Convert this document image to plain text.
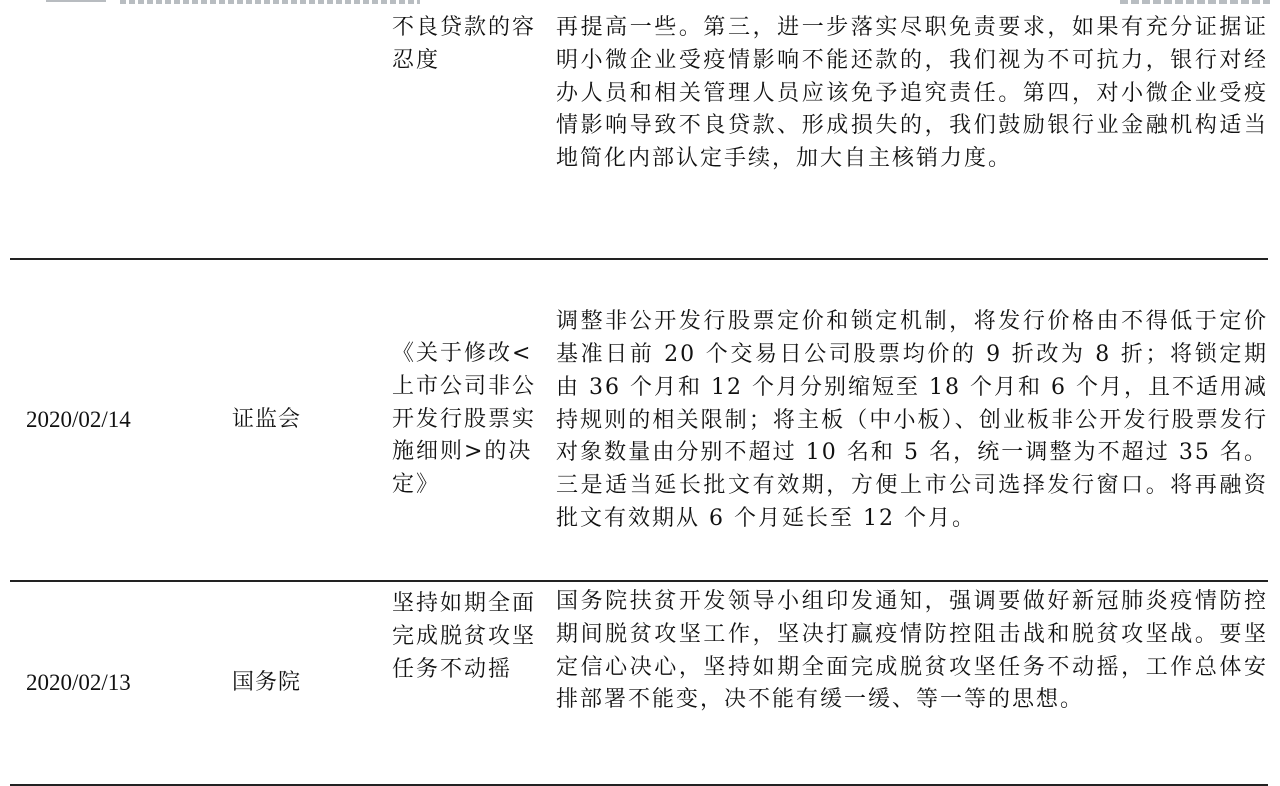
		不良贷款的容忍度	再提高一些。第三，进一步落实尽职免责要求，如果有充分证据证明小微企业受疫情影响不能还款的，我们视为不可抗力，银行对经办人员和相关管理人员应该免予追究责任。第四，对小微企业受疫情影响导致不良贷款、形成损失的，我们鼓励银行业金融机构适当地简化内部认定手续，加大自主核销力度。
2020/02/14	证监会	《关于修改<上市公司非公开发行股票实施细则>的决定》	调整非公开发行股票定价和锁定机制，将发行价格由不得低于定价基准日前 20 个交易日公司股票均价的 9 折改为 8 折；将锁定期由 36 个月和 12 个月分别缩短至 18 个月和 6 个月，且不适用减持规则的相关限制；将主板（中小板）、创业板非公开发行股票发行对象数量由分别不超过 10 名和 5 名，统一调整为不超过 35 名。三是适当延长批文有效期，方便上市公司选择发行窗口。将再融资批文有效期从 6 个月延长至 12 个月。
2020/02/13	国务院	坚持如期全面完成脱贫攻坚任务不动摇	国务院扶贫开发领导小组印发通知，强调要做好新冠肺炎疫情防控期间脱贫攻坚工作，坚决打赢疫情防控阻击战和脱贫攻坚战。要坚定信心决心，坚持如期全面完成脱贫攻坚任务不动摇，工作总体安排部署不能变，决不能有缓一缓、等一等的思想。
